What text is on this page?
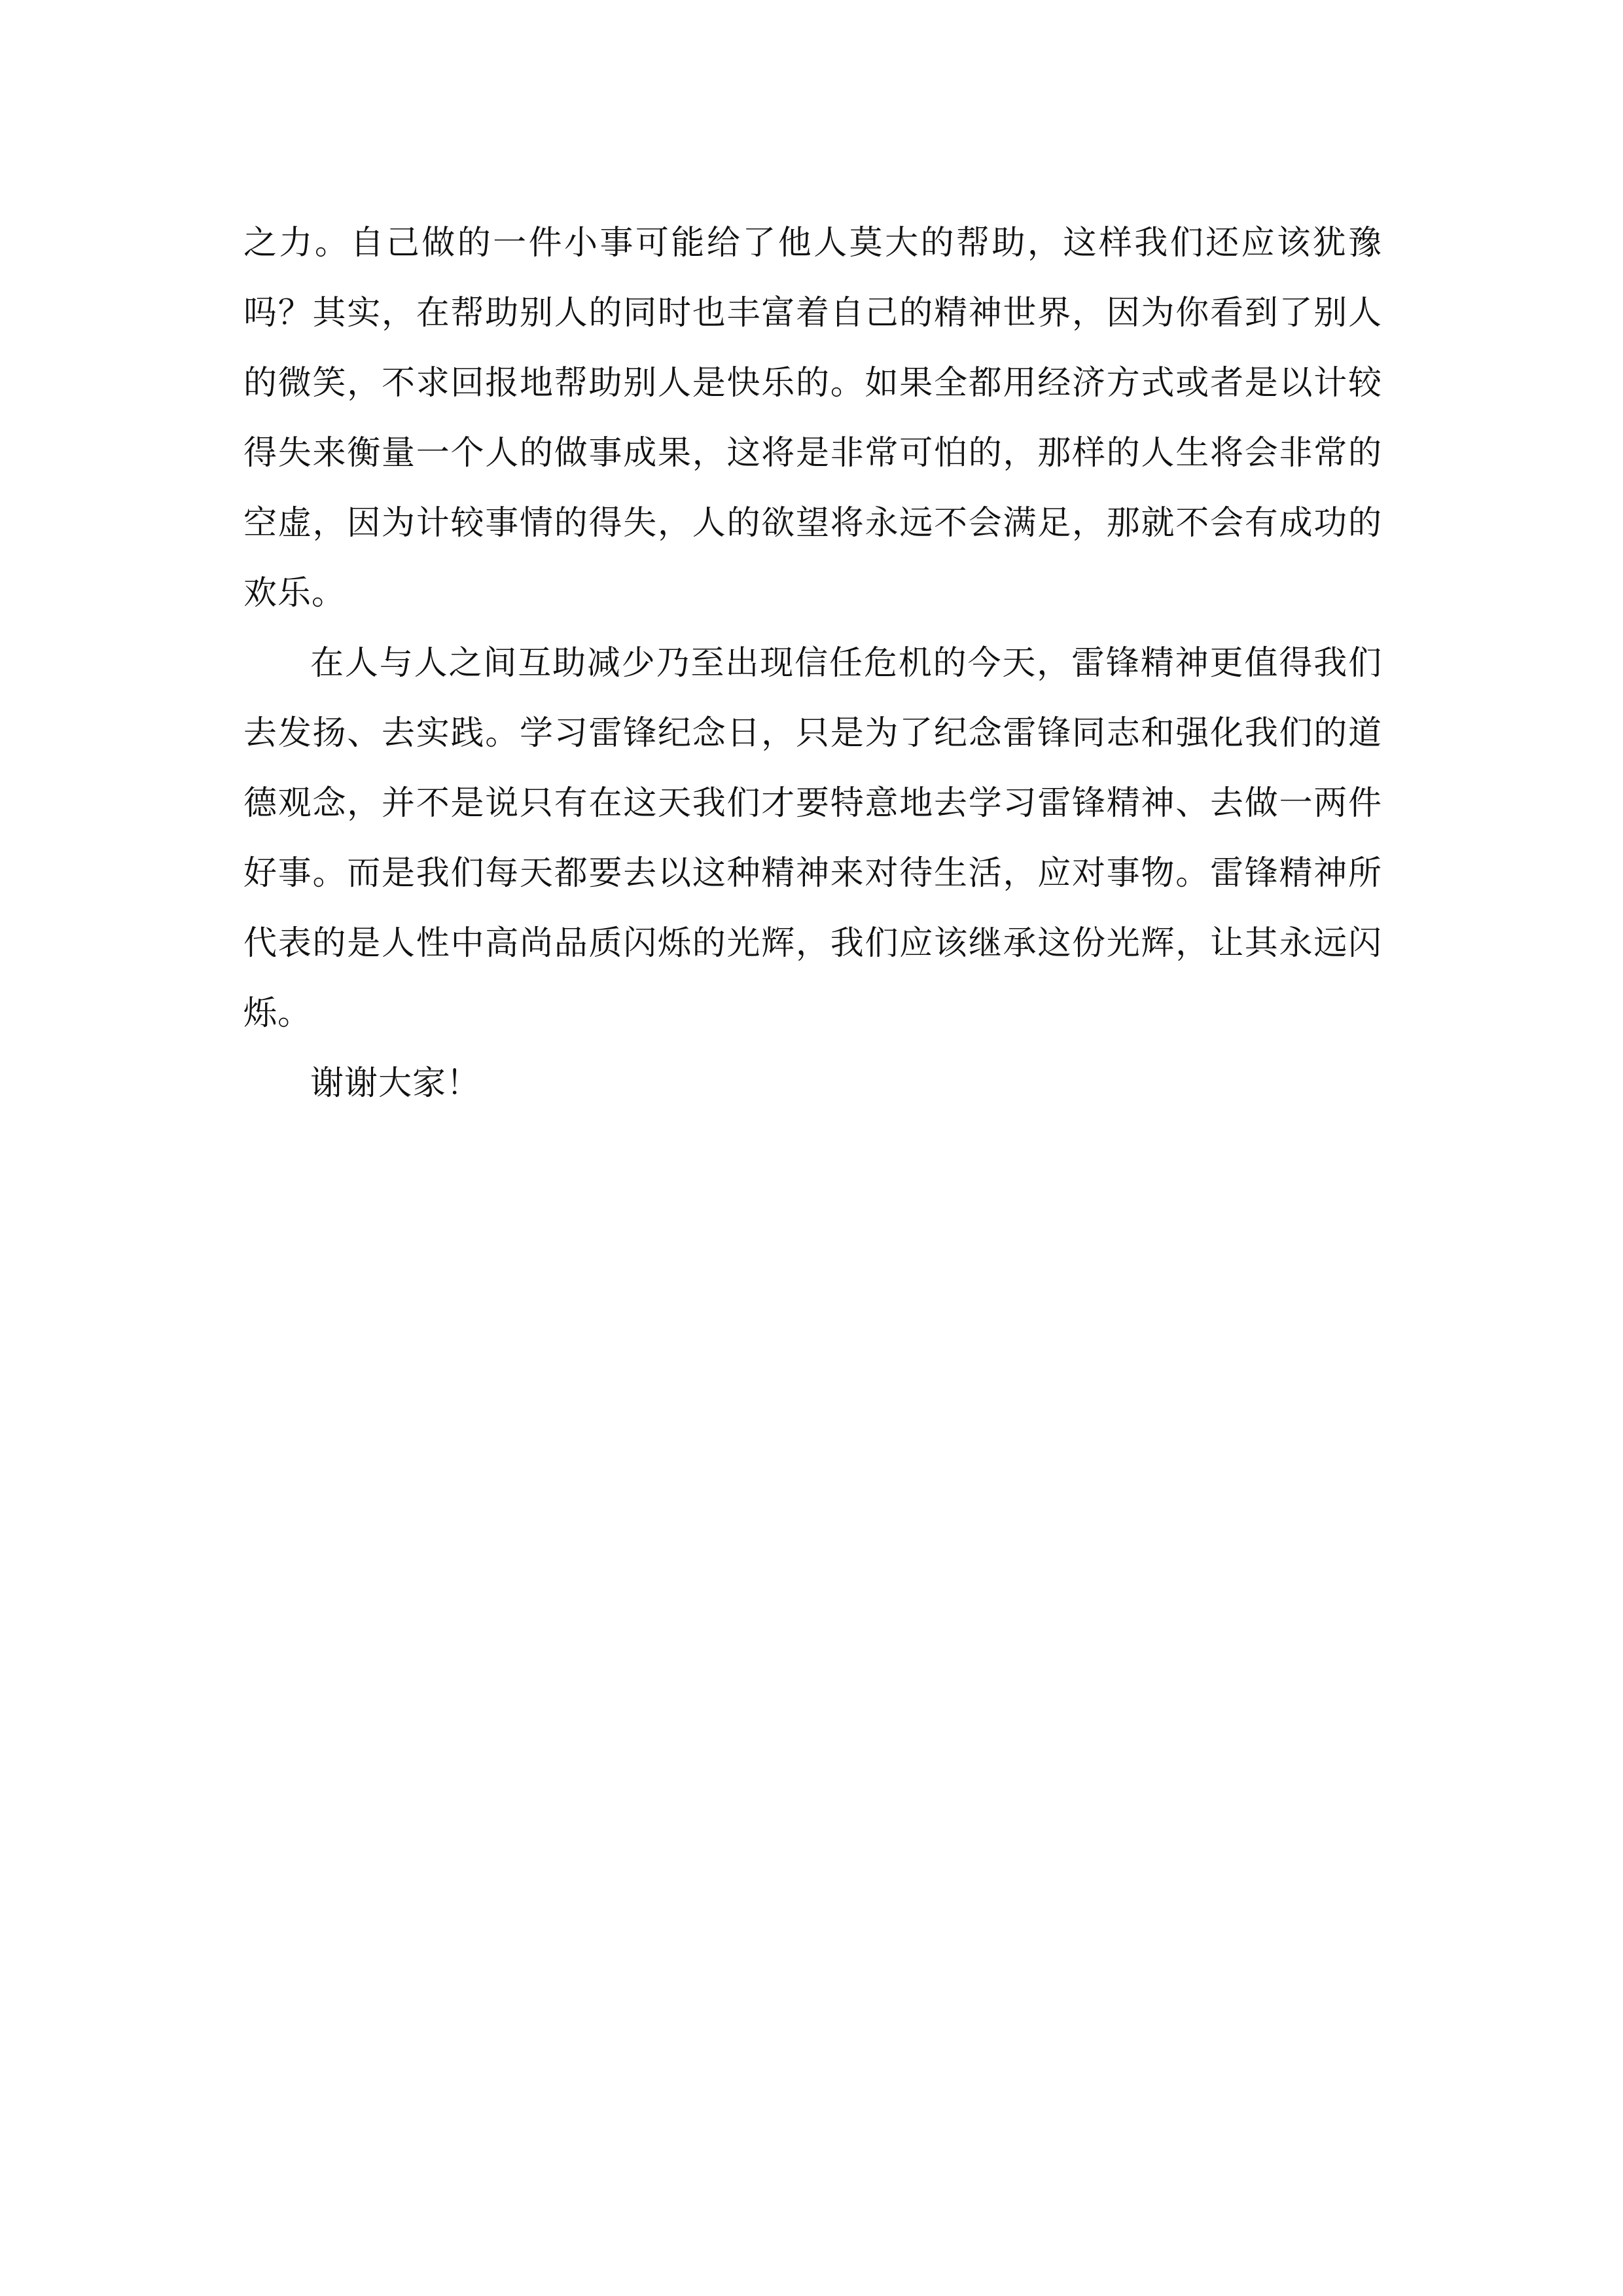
之力。自己做的一件小事可能给了他人莫大的帮助，这样我们还应该犹豫吗？其实，在帮助别人的同时也丰富着自己的精神世界，因为你看到了别人的微笑，不求回报地帮助别人是快乐的。如果全都用经济方式或者是以计较得失来衡量一个人的做事成果，这将是非常可怕的，那样的人生将会非常的空虚，因为计较事情的得失，人的欲望将永远不会满足，那就不会有成功的欢乐。

在人与人之间互助减少乃至出现信任危机的今天，雷锋精神更值得我们去发扬、去实践。学习雷锋纪念日，只是为了纪念雷锋同志和强化我们的道德观念，并不是说只有在这天我们才要特意地去学习雷锋精神、去做一两件好事。而是我们每天都要去以这种精神来对待生活，应对事物。雷锋精神所代表的是人性中高尚品质闪烁的光辉，我们应该继承这份光辉，让其永远闪烁。

谢谢大家！
